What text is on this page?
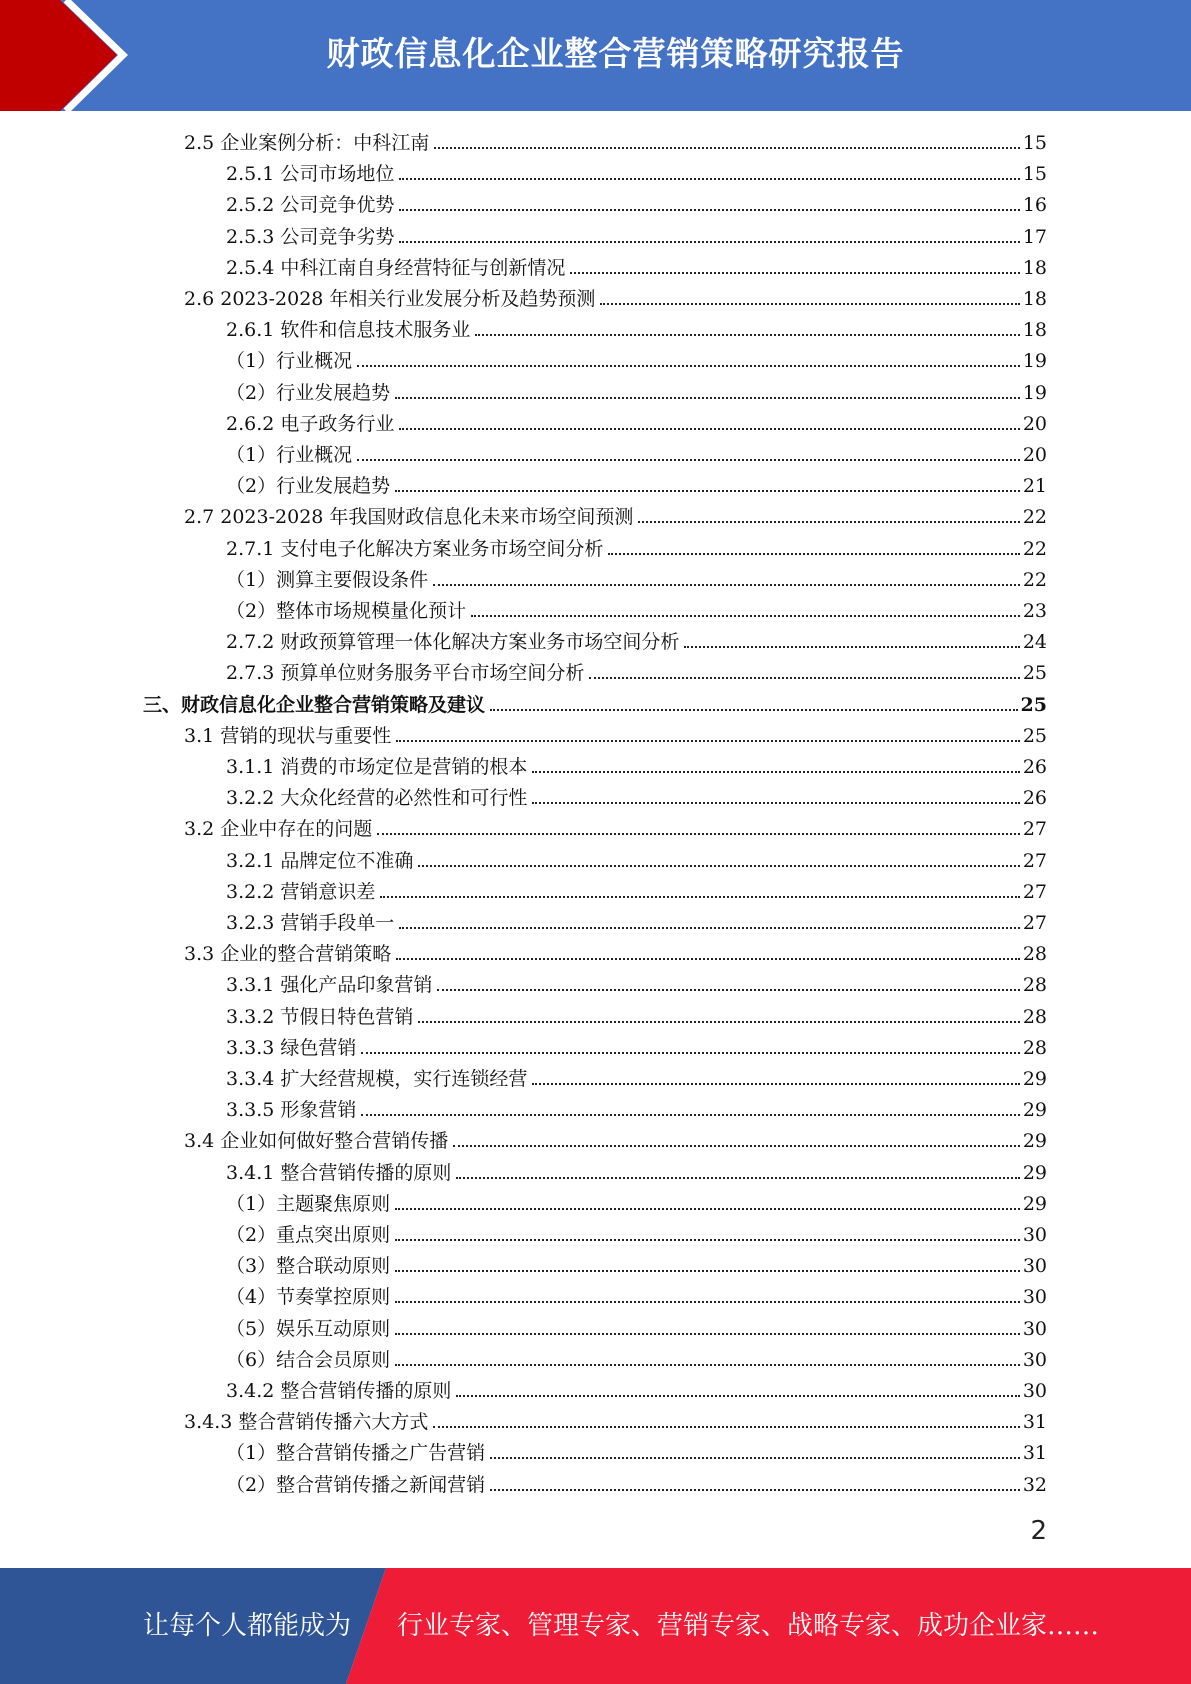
财政信息化企业整合营销策略研究报告
2.5 企业案例分析：中科江南	15
2.5.1 公司市场地位	15
2.5.2 公司竞争优势	16
2.5.3 公司竞争劣势	17
2.5.4 中科江南自身经营特征与创新情况	18
2.6 2023-2028 年相关行业发展分析及趋势预测	18
2.6.1 软件和信息技术服务业	18
（1）行业概况	19
（2）行业发展趋势	19
2.6.2 电子政务行业	20
（1）行业概况	20
（2）行业发展趋势	21
2.7 2023-2028 年我国财政信息化未来市场空间预测	22
2.7.1 支付电子化解决方案业务市场空间分析	22
（1）测算主要假设条件	22
（2）整体市场规模量化预计	23
2.7.2 财政预算管理一体化解决方案业务市场空间分析	24
2.7.3 预算单位财务服务平台市场空间分析	25
三、财政信息化企业整合营销策略及建议	25
3.1 营销的现状与重要性	25
3.1.1 消费的市场定位是营销的根本	26
3.2.2 大众化经营的必然性和可行性	26
3.2 企业中存在的问题	27
3.2.1 品牌定位不准确	27
3.2.2 营销意识差	27
3.2.3 营销手段单一	27
3.3 企业的整合营销策略	28
3.3.1 强化产品印象营销	28
3.3.2 节假日特色营销	28
3.3.3 绿色营销	28
3.3.4 扩大经营规模，实行连锁经营	29
3.3.5 形象营销	29
3.4 企业如何做好整合营销传播	29
3.4.1 整合营销传播的原则	29
（1）主题聚焦原则	29
（2）重点突出原则	30
（3）整合联动原则	30
（4）节奏掌控原则	30
（5）娱乐互动原则	30
（6）结合会员原则	30
3.4.2 整合营销传播的原则	30
3.4.3 整合营销传播六大方式	31
（1）整合营销传播之广告营销	31
（2）整合营销传播之新闻营销	32
2
让每个人都能成为 行业专家、管理专家、营销专家、战略专家、成功企业家……
